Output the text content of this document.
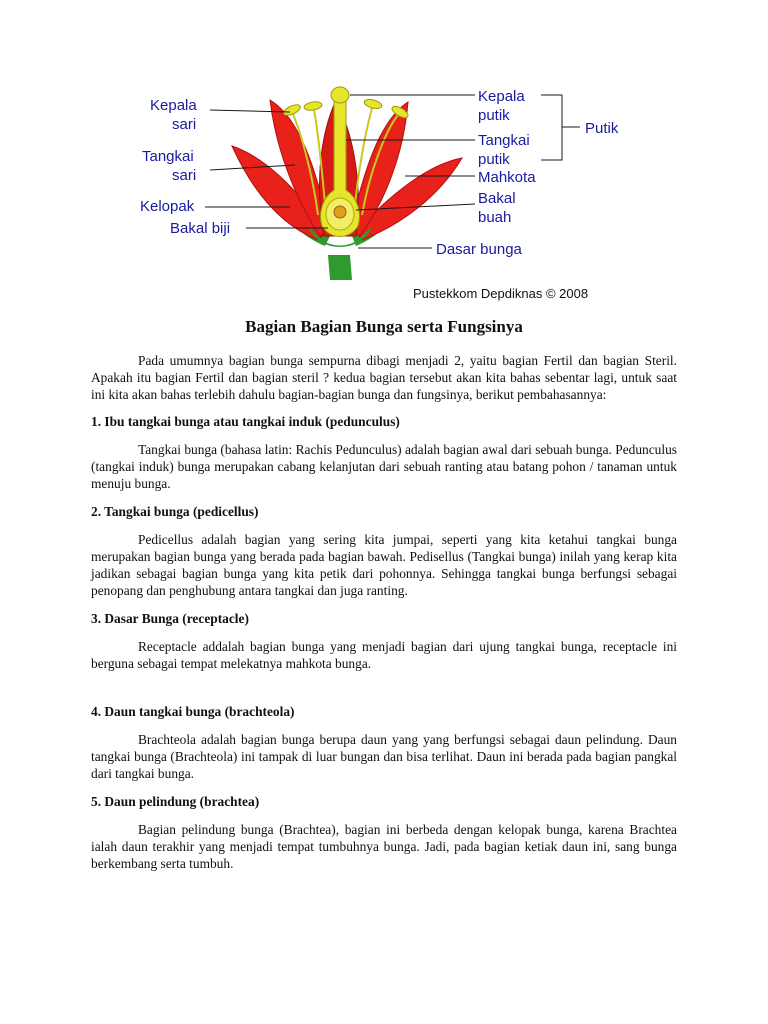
Kepala
sari
Tangkai
sari
Kelopak
Bakal biji
Kepala
putik
Tangkai
putik
Mahkota
Bakal
buah
Dasar bunga
Putik
Pustekkom Depdiknas © 2008
Bagian Bagian Bunga serta Fungsinya

Pada umumnya bagian bunga sempurna dibagi menjadi 2, yaitu bagian Fertil dan bagian Steril. Apakah itu bagian Fertil dan bagian steril ? kedua bagian tersebut akan kita bahas sebentar lagi, untuk saat ini kita akan bahas terlebih dahulu bagian-bagian bunga dan fungsinya, berikut pembahasannya:

1. Ibu tangkai bunga atau tangkai induk (pedunculus)

Tangkai bunga (bahasa latin: Rachis Pedunculus) adalah bagian awal dari sebuah bunga. Pedunculus (tangkai induk) bunga merupakan cabang kelanjutan dari sebuah ranting atau batang pohon / tanaman untuk menuju bunga.

2. Tangkai bunga (pedicellus)

Pedicellus adalah bagian yang sering kita jumpai, seperti yang kita ketahui tangkai bunga merupakan bagian bunga yang berada pada bagian bawah. Pedisellus (Tangkai bunga) inilah yang kerap kita jadikan sebagai bagian bunga yang kita petik dari pohonnya. Sehingga tangkai bunga berfungsi sebagai penopang dan penghubung antara tangkai dan juga ranting.

3. Dasar Bunga (receptacle)

Receptacle addalah bagian bunga yang menjadi bagian dari ujung tangkai bunga, receptacle ini berguna sebagai tempat melekatnya mahkota bunga.

4. Daun tangkai bunga (brachteola)

Brachteola adalah bagian bunga berupa daun yang yang berfungsi sebagai daun pelindung. Daun tangkai bunga (Brachteola) ini tampak di luar bungan dan bisa terlihat. Daun ini berada pada bagian pangkal dari tangkai bunga.

5. Daun pelindung (brachtea)

Bagian pelindung bunga (Brachtea), bagian ini berbeda dengan kelopak bunga, karena Brachtea ialah daun terakhir yang menjadi tempat tumbuhnya bunga. Jadi, pada bagian ketiak daun ini, sang bunga berkembang serta tumbuh.
